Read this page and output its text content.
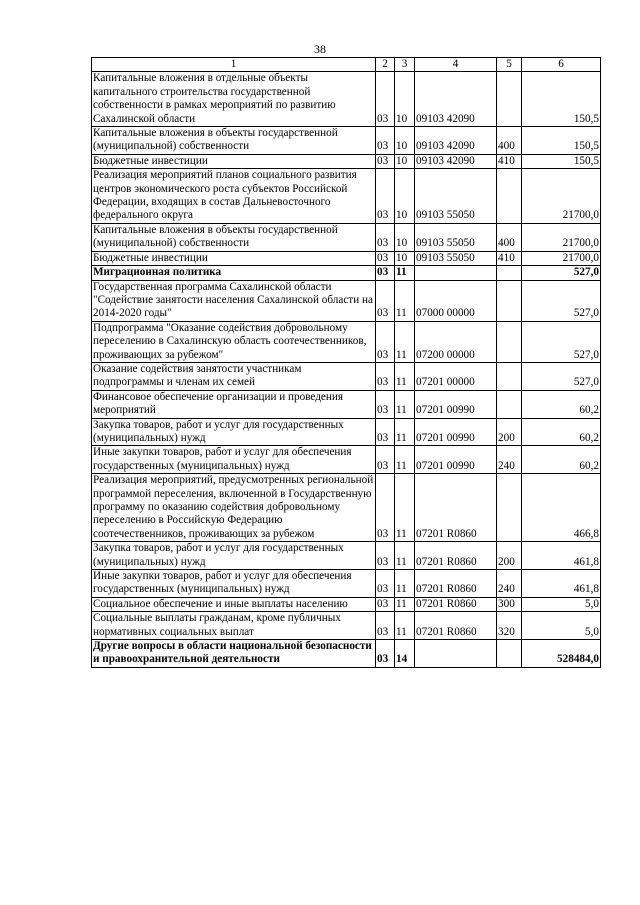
38
1	2	3	4	5	6
Капитальные вложения в отдельные объекты капитального строительства государственной собственности в рамках мероприятий по развитию Сахалинской области	03	10	09103 42090		150,5
Капитальные вложения в объекты государственной (муниципальной) собственности	03	10	09103 42090	400	150,5
Бюджетные инвестиции	03	10	09103 42090	410	150,5
Реализация мероприятий планов социального развития центров экономического роста субъектов Российской Федерации, входящих в состав Дальневосточного федерального округа	03	10	09103 55050		21700,0
Капитальные вложения в объекты государственной (муниципальной) собственности	03	10	09103 55050	400	21700,0
Бюджетные инвестиции	03	10	09103 55050	410	21700,0
Миграционная политика	03	11			527,0
Государственная программа Сахалинской области "Содействие занятости населения Сахалинской области на 2014-2020 годы"	03	11	07000 00000		527,0
Подпрограмма "Оказание содействия добровольному переселению в Сахалинскую область соотечественников, проживающих за рубежом"	03	11	07200 00000		527,0
Оказание содействия занятости участникам подпрограммы и членам их семей	03	11	07201 00000		527,0
Финансовое обеспечение организации и проведения мероприятий	03	11	07201 00990		60,2
Закупка товаров, работ и услуг для государственных (муниципальных) нужд	03	11	07201 00990	200	60,2
Иные закупки товаров, работ и услуг для обеспечения государственных (муниципальных) нужд	03	11	07201 00990	240	60,2
Реализация мероприятий, предусмотренных региональной программой переселения, включенной в Государственную программу по оказанию содействия добровольному переселению в Российскую Федерацию соотечественников, проживающих за рубежом	03	11	07201 R0860		466,8
Закупка товаров, работ и услуг для государственных (муниципальных) нужд	03	11	07201 R0860	200	461,8
Иные закупки товаров, работ и услуг для обеспечения государственных (муниципальных) нужд	03	11	07201 R0860	240	461,8
Социальное обеспечение и иные выплаты населению	03	11	07201 R0860	300	5,0
Социальные выплаты гражданам, кроме публичных нормативных социальных выплат	03	11	07201 R0860	320	5,0
Другие вопросы в области национальной безопасности и правоохранительной деятельности	03	14			528484,0
